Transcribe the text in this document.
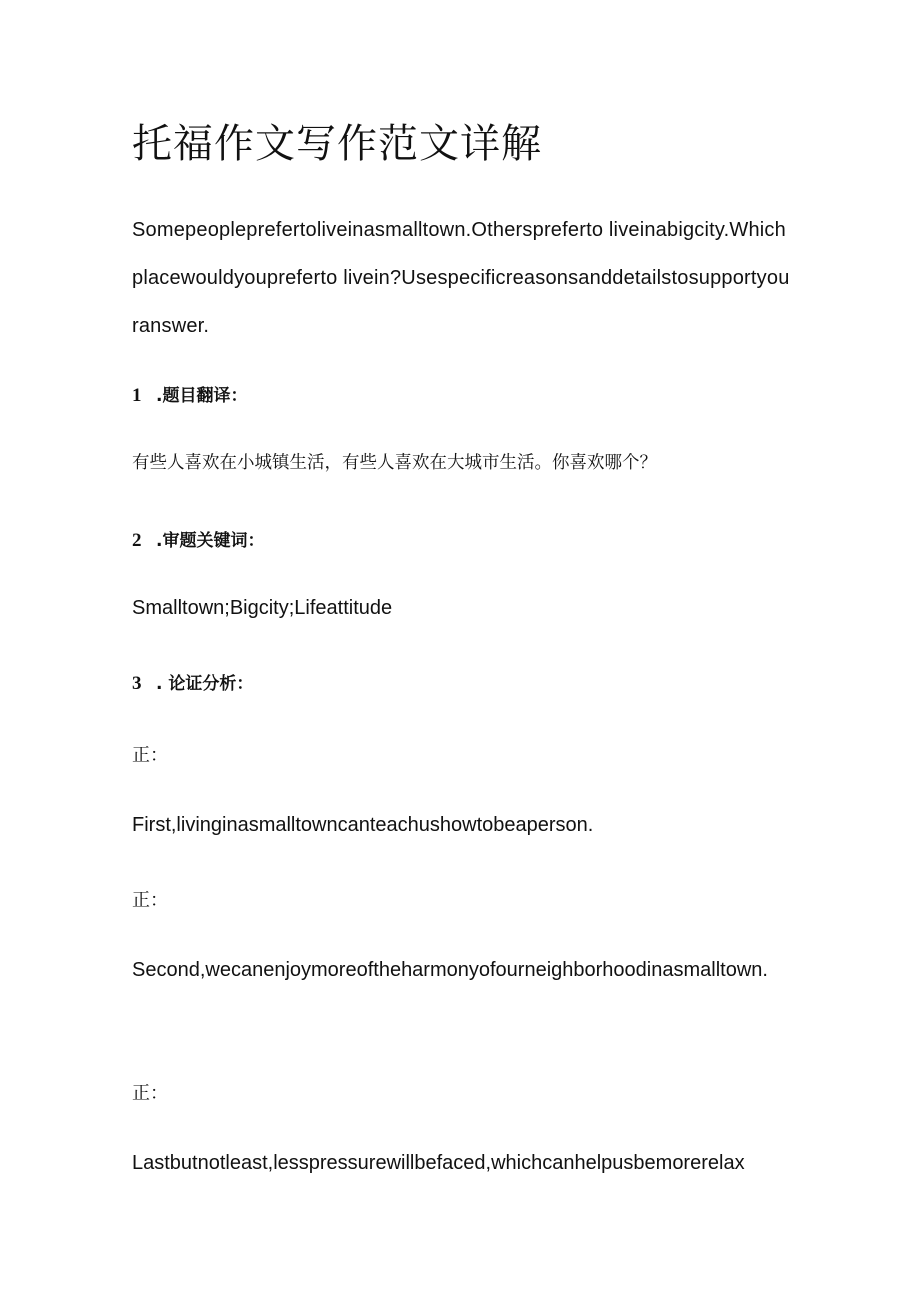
托福作文写作范文详解

Somepeopleprefertoliveinasmalltown.Otherspreferto liveinabigcity.Whichplacewouldyoupreferto livein?Usespecificreasonsanddetailstosupportyouranswer.

1 .题目翻译：

有些人喜欢在小城镇生活，有些人喜欢在大城市生活。你喜欢哪个？

2 .审题关键词：

Smalltown;Bigcity;Lifeattitude

3 . 论证分析：
正：

First,livinginasmalltowncanteachushowtobeaperson.

正：

Second,wecanenjoymoreoftheharmonyofourneighborhoodinasmalltown.

正：

Lastbutnotleast,lesspressurewillbefaced,whichcanhelpusbemorerelax
